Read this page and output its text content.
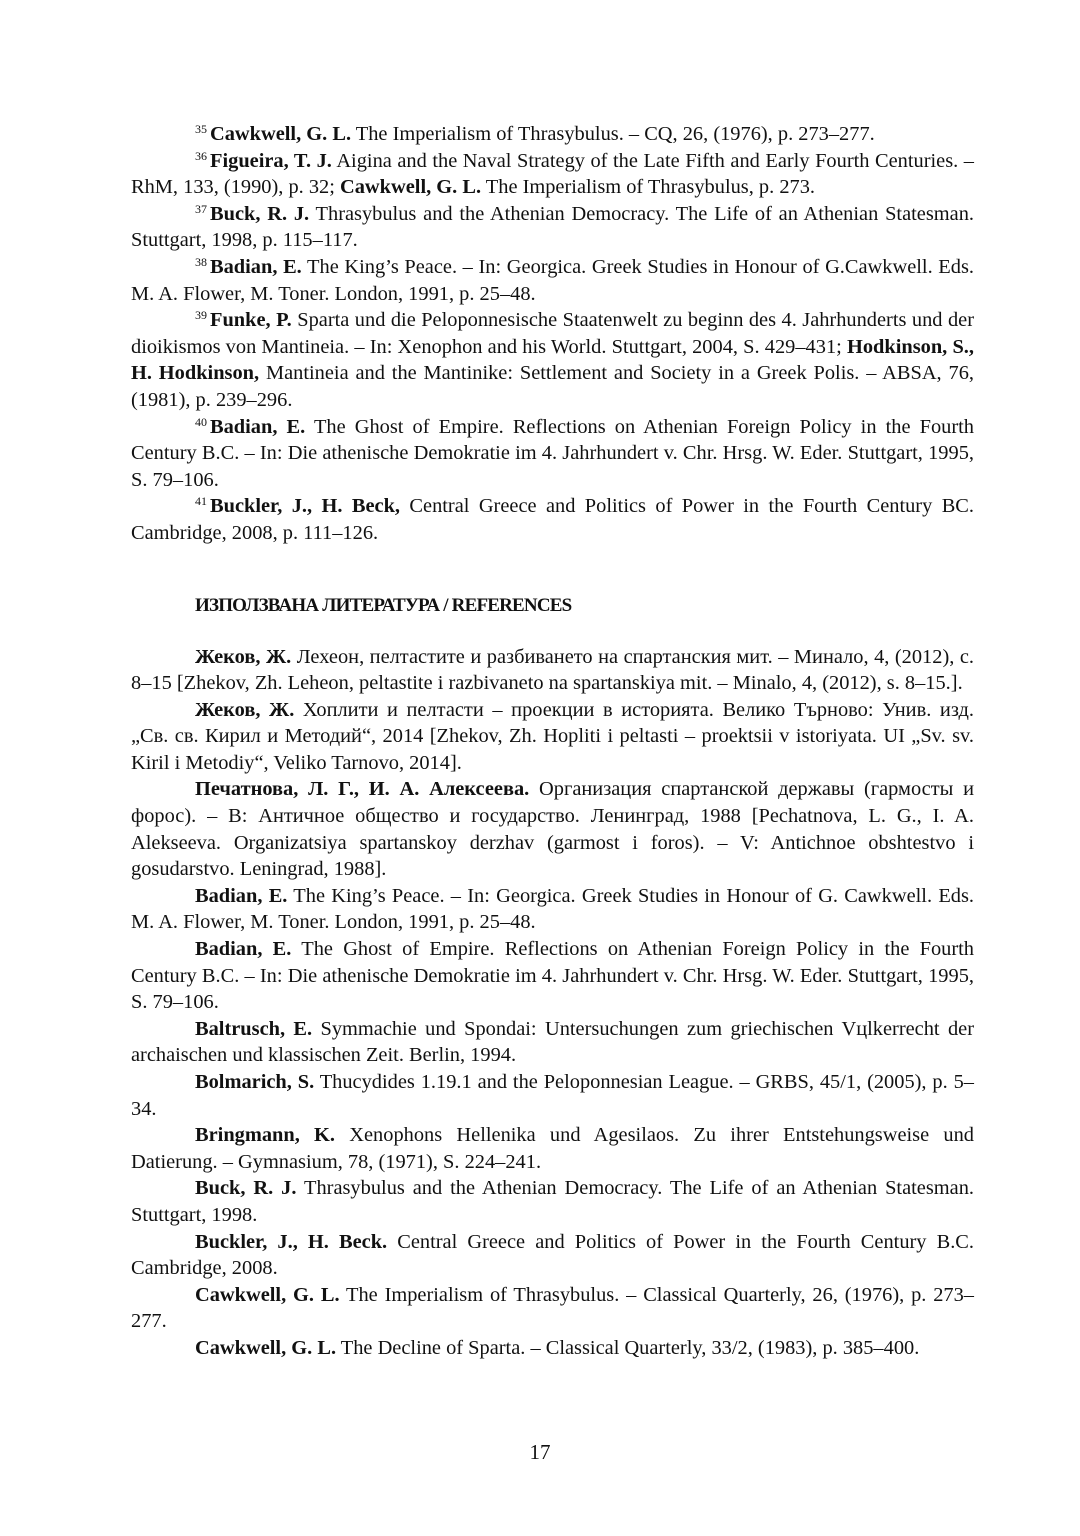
$^{35}$ Cawkwell, G. L. The Imperialism of Thrasybulus. – CQ, 26, (1976), p. 273–277.

$^{36}$ Figueira, T. J. Aigina and the Naval Strategy of the Late Fifth and Early Fourth Centuries. – RhM, 133, (1990), p. 32; Cawkwell, G. L. The Imperialism of Thrasybulus, p. 273.

$^{37}$ Buck, R. J. Thrasybulus and the Athenian Democracy. The Life of an Athenian Statesman. Stuttgart, 1998, p. 115–117.

$^{38}$ Badian, E. The King’s Peace. – In: Georgica. Greek Studies in Honour of G.Cawkwell. Eds. M. A. Flower, M. Toner. London, 1991, p. 25–48.

$^{39}$ Funke, P. Sparta und die Peloponnesische Staatenwelt zu beginn des 4. Jahrhunderts und der dioikismos von Mantineia. – In: Xenophon and his World. Stuttgart, 2004, S. 429–431; Hodkinson, S., H. Hodkinson, Mantineia and the Mantinike: Settlement and Society in a Greek Polis. – ABSA, 76, (1981), p. 239–296.

$^{40}$ Badian, E. The Ghost of Empire. Reflections on Athenian Foreign Policy in the Fourth Century B.C. – In: Die athenische Demokratie im 4. Jahrhundert v. Chr. Hrsg. W. Eder. Stuttgart, 1995, S. 79–106.

$^{41}$ Buckler, J., H. Beck, Central Greece and Politics of Power in the Fourth Century BC. Cambridge, 2008, p. 111–126.

ИЗПОЛЗВАНА ЛИТЕРАТУРА / REFERENCES

Жеков, Ж. Лехеон, пелтастите и разбиването на спартанския мит. – Минало, 4, (2012), с. 8–15 [Zhekov, Zh. Leheon, peltastite i razbivaneto na spartanskiya mit. – Minalo, 4, (2012), s. 8–15.].

Жеков, Ж. Хоплити и пелтасти – проекции в историята. Велико Търново: Унив. изд. „Св. св. Кирил и Методий“, 2014 [Zhekov, Zh. Hopliti i peltasti – proektsii v istoriyata. UI „Sv. sv. Kiril i Metodiy“, Veliko Tarnovo, 2014].

Печатнова, Л. Г., И. А. Алексеева. Организация спартанской державы (гармосты и форос). – В: Античное общество и государство. Ленинград, 1988 [Pechatnova, L. G., I. A. Alekseeva. Organizatsiya spartanskoy derzhav (garmost i foros). – V: Antichnoe obshtestvo i gosudarstvo. Leningrad, 1988].

Badian, E. The King’s Peace. – In: Georgica. Greek Studies in Honour of G. Cawkwell. Eds. M. A. Flower, M. Toner. London, 1991, p. 25–48.

Badian, E. The Ghost of Empire. Reflections on Athenian Foreign Policy in the Fourth Century B.C. – In: Die athenische Demokratie im 4. Jahrhundert v. Chr. Hrsg. W. Eder. Stuttgart, 1995, S. 79–106.

Baltrusch, E. Symmachie und Spondai: Untersuchungen zum griechischen Vцlkerrecht der archaischen und klassischen Zeit. Berlin, 1994.

Bolmarich, S. Thucydides 1.19.1 and the Peloponnesian League. – GRBS, 45/1, (2005), p. 5–34.

Bringmann, K. Xenophons Hellenika und Agesilaos. Zu ihrer Entstehungsweise und Datierung. – Gymnasium, 78, (1971), S. 224–241.

Buck, R. J. Thrasybulus and the Athenian Democracy. The Life of an Athenian Statesman. Stuttgart, 1998.

Buckler, J., H. Beck. Central Greece and Politics of Power in the Fourth Century B.C. Cambridge, 2008.

Cawkwell, G. L. The Imperialism of Thrasybulus. – Classical Quarterly, 26, (1976), p. 273–277.

Cawkwell, G. L. The Decline of Sparta. – Classical Quarterly, 33/2, (1983), p. 385–400.

17
